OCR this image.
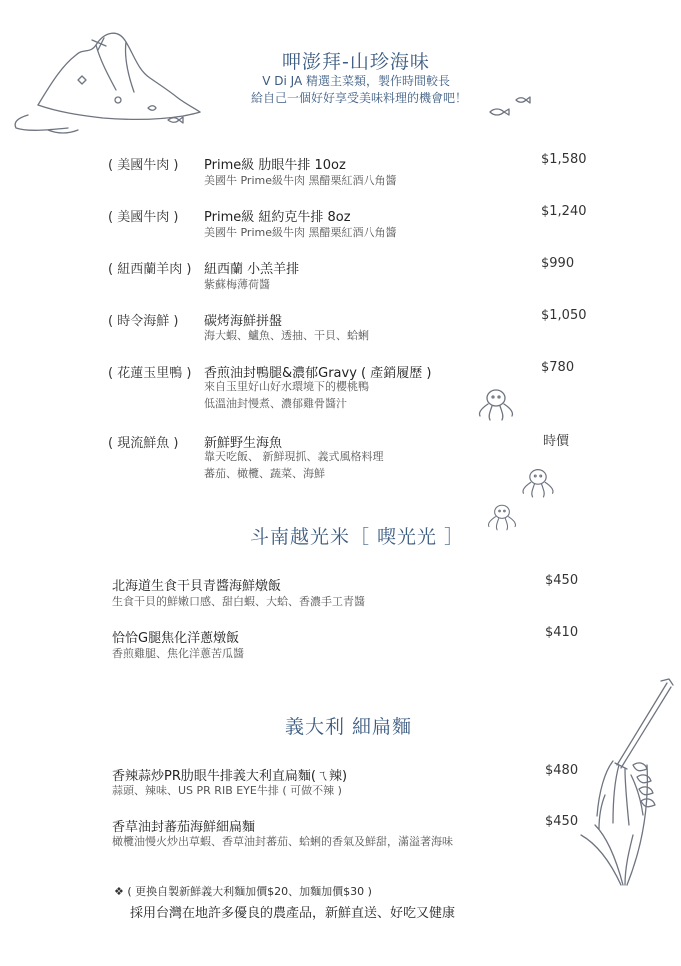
呷澎拜-山珍海味
V Di JA 精選主菜類，製作時間較長
給自己一個好好享受美味料理的機會吧！
( 美國牛肉 ) Prime級 肋眼牛排 10oz
美國牛 Prime級牛肉 黑醋栗紅酒八角醬
$1,580
( 美國牛肉 ) Prime級 紐約克牛排 8oz
美國牛 Prime級牛肉 黑醋栗紅酒八角醬
$1,240
( 紐西蘭羊肉 ) 紐西蘭 小羔羊排
紫蘇梅薄荷醬
$990
( 時令海鮮 ) 碳烤海鮮拼盤
海大蝦、鱸魚、透抽、干貝、蛤蜊
$1,050
( 花蓮玉里鴨 ) 香煎油封鴨腿&濃郁Gravy ( 產銷履歷 )
來自玉里好山好水環境下的櫻桃鴨
低溫油封慢煮、濃郁雞骨醬汁
$780
( 現流鮮魚 ) 新鮮野生海魚
靠天吃飯、 新鮮現抓、義式風格料理
蕃茄、橄欖、蔬菜、海鮮
時價
斗南越光米［ 喫光光 ］
北海道生食干貝青醬海鮮燉飯
生食干貝的鮮嫩口感、甜白蝦、大蛤、香濃手工青醬
$450
恰恰G腿焦化洋蔥燉飯
香煎雞腿、焦化洋蔥苦瓜醬
$410
義大利 細扁麵
香辣蒜炒PR肋眼牛排義大利直扁麵(ㄟ辣)
蒜頭、辣味、US PR RIB EYE牛排 ( 可做不辣 )
$480
香草油封蕃茄海鮮細扁麵
橄欖油慢火炒出草蝦、香草油封蕃茄、蛤蜊的香氣及鮮甜，滿溢著海味
$450
❖ ( 更換自製新鮮義大利麵加價$20、加麵加價$30 )
採用台灣在地許多優良的農產品，新鮮直送、好吃又健康
